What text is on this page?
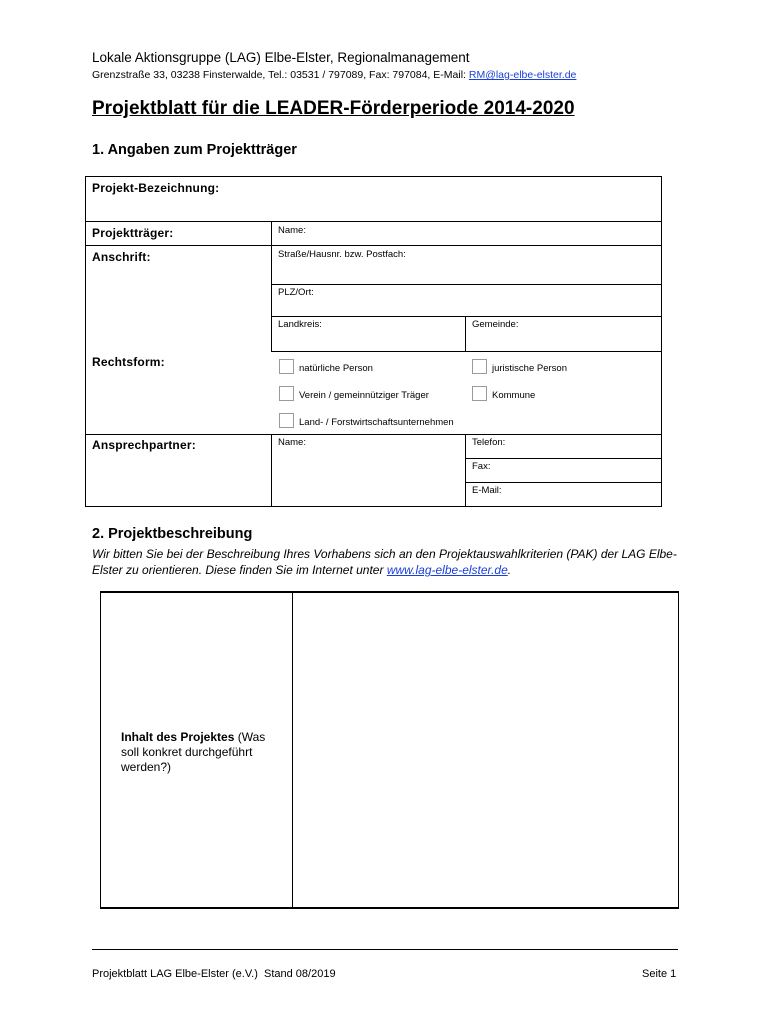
Lokale Aktionsgruppe (LAG) Elbe-Elster, Regionalmanagement
Grenzstraße 33, 03238 Finsterwalde, Tel.: 03531 / 797089, Fax: 797084, E-Mail: RM@lag-elbe-elster.de
Projektblatt für die LEADER-Förderperiode 2014-2020
1. Angaben zum Projektträger
Projekt-Bezeichnung:
Projektträger:	Name:
Anschrift:	Straße/Hausnr. bzw. Postfach:
PLZ/Ort:
Landkreis:	Gemeinde:
Rechtsform:	natürliche Person	juristische Person
Verein / gemeinnütziger Träger	Kommune
Land- / Forstwirtschaftsunternehmen
Ansprechpartner:	Name:	Telefon:
Fax:
E-Mail:
2. Projektbeschreibung
Wir bitten Sie bei der Beschreibung Ihres Vorhabens sich an den Projektauswahlkriterien (PAK) der LAG Elbe-Elster zu orientieren. Diese finden Sie im Internet unter www.lag-elbe-elster.de.
Inhalt des Projektes (Was soll konkret durchgeführt werden?)
Projektblatt LAG Elbe-Elster (e.V.)  Stand 08/2019	Seite 1
